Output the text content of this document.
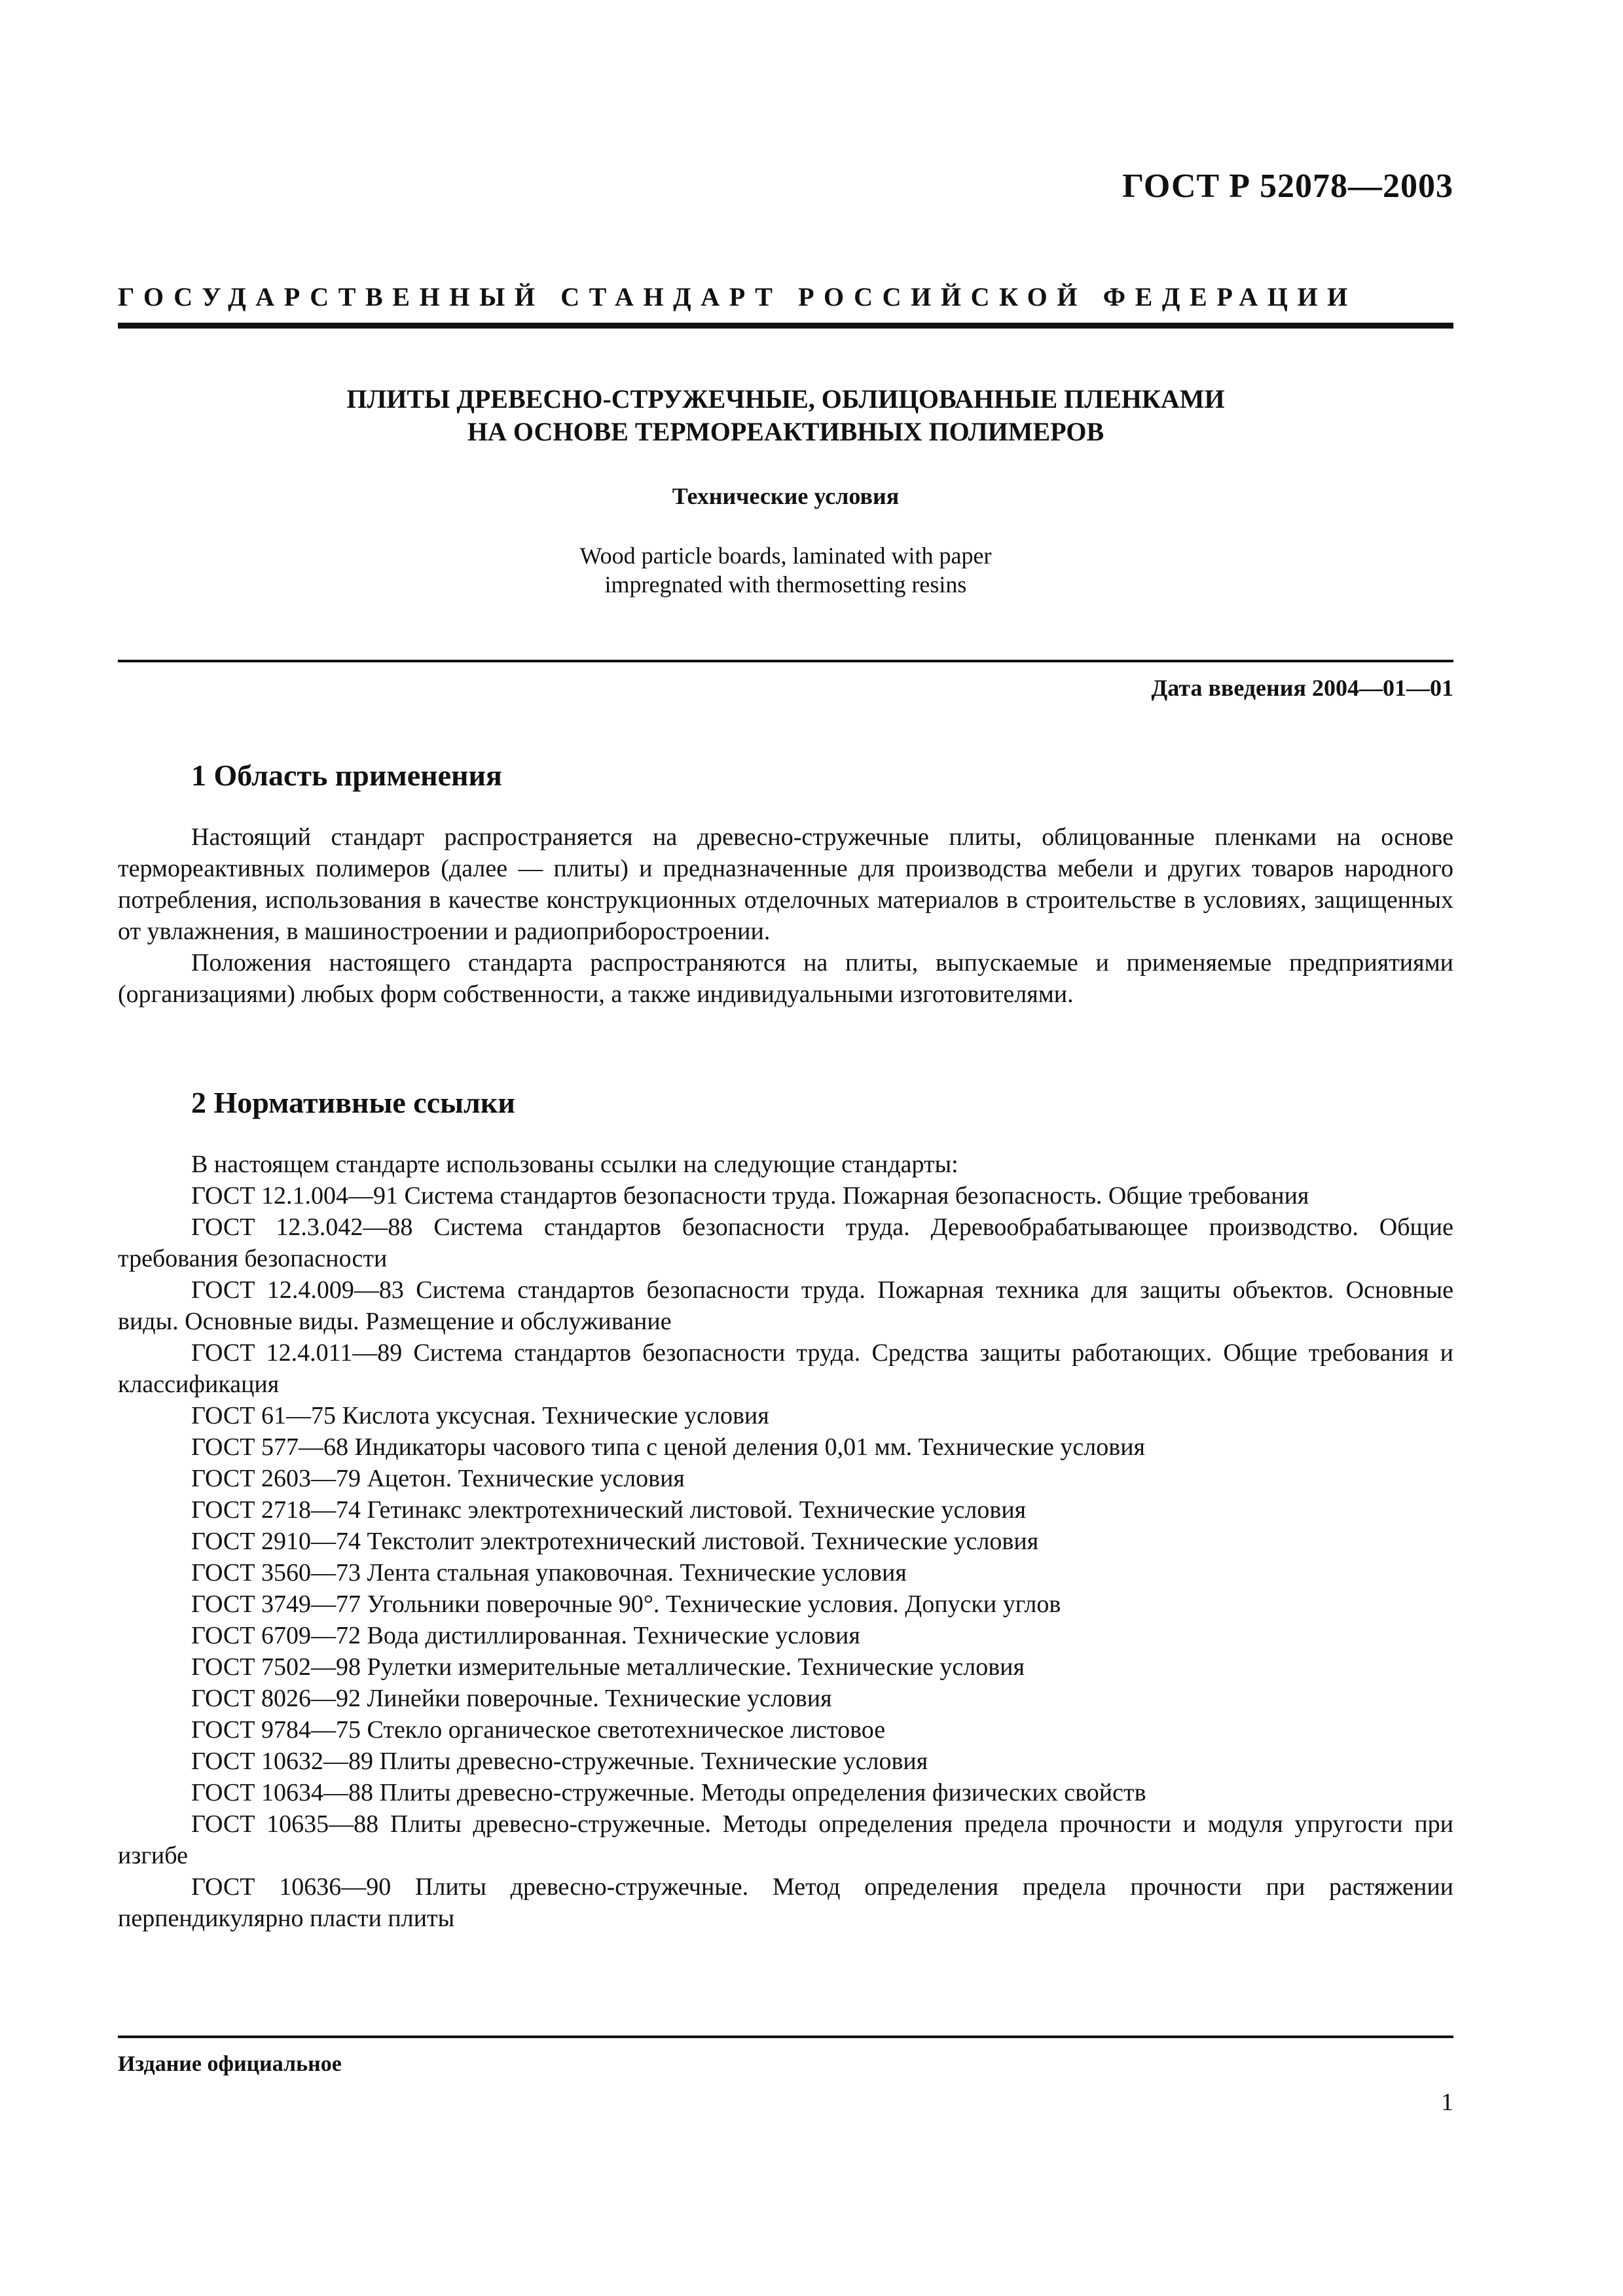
ГОСТ Р 52078—2003
ГОСУДАРСТВЕННЫЙ СТАНДАРТ РОССИЙСКОЙ ФЕДЕРАЦИИ

ПЛИТЫ ДРЕВЕСНО-СТРУЖЕЧНЫЕ, ОБЛИЦОВАННЫЕ ПЛЕНКАМИ

НА ОСНОВЕ ТЕРМОРЕАКТИВНЫХ ПОЛИМЕРОВ

Технические условия

Wood particle boards, laminated with paper
impregnated with thermosetting resins

Дата введения 2004—01—01
1 Область применения

Настоящий стандарт распространяется на древесно-стружечные плиты, облицованные пленками на основе термореактивных полимеров (далее — плиты) и предназначенные для производства мебели и других товаров народного потребления, использования в качестве конструкционных отделочных материалов в строительстве в условиях, защищенных от увлажнения, в машиностроении и радиоприборостроении.

Положения настоящего стандарта распространяются на плиты, выпускаемые и применяемые предприятиями (организациями) любых форм собственности, а также индивидуальными изготовителями.

2 Нормативные ссылки

В настоящем стандарте использованы ссылки на следующие стандарты:

ГОСТ 12.1.004—91 Система стандартов безопасности труда. Пожарная безопасность. Общие требования

ГОСТ 12.3.042—88 Система стандартов безопасности труда. Деревообрабатывающее производство. Общие требования безопасности

ГОСТ 12.4.009—83 Система стандартов безопасности труда. Пожарная техника для защиты объектов. Основные виды. Основные виды. Размещение и обслуживание

ГОСТ 12.4.011—89 Система стандартов безопасности труда. Средства защиты работающих. Общие требования и классификация

ГОСТ 61—75 Кислота уксусная. Технические условия

ГОСТ 577—68 Индикаторы часового типа с ценой деления 0,01 мм. Технические условия

ГОСТ 2603—79 Ацетон. Технические условия

ГОСТ 2718—74 Гетинакс электротехнический листовой. Технические условия

ГОСТ 2910—74 Текстолит электротехнический листовой. Технические условия

ГОСТ 3560—73 Лента стальная упаковочная. Технические условия

ГОСТ 3749—77 Угольники поверочные 90°. Технические условия. Допуски углов

ГОСТ 6709—72 Вода дистиллированная. Технические условия

ГОСТ 7502—98 Рулетки измерительные металлические. Технические условия

ГОСТ 8026—92 Линейки поверочные. Технические условия

ГОСТ 9784—75 Стекло органическое светотехническое листовое

ГОСТ 10632—89 Плиты древесно-стружечные. Технические условия

ГОСТ 10634—88 Плиты древесно-стружечные. Методы определения физических свойств

ГОСТ 10635—88 Плиты древесно-стружечные. Методы определения предела прочности и модуля упругости при изгибе

ГОСТ 10636—90 Плиты древесно-стружечные. Метод определения предела прочности при растяжении перпендикулярно пласти плиты

Издание официальное
1
